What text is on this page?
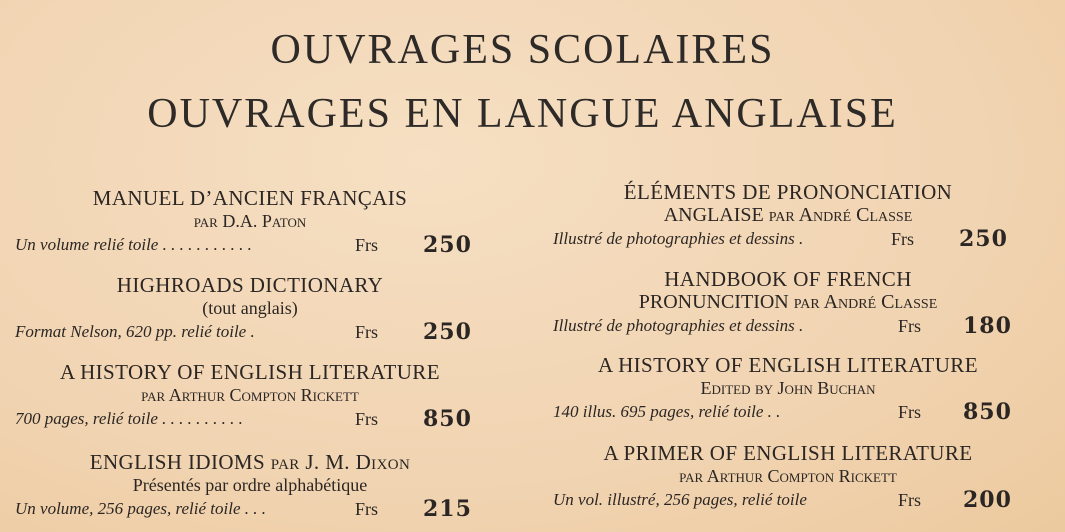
OUVRAGES SCOLAIRES
OUVRAGES EN LANGUE ANGLAISE
MANUEL D’ANCIEN FRANÇAIS
par D.A. Paton
Un volume relié toile . . . . . . . . . . .	Frs 250
HIGHROADS DICTIONARY
(tout anglais)
Format Nelson, 620 pp. relié toile .	Frs 250
A HISTORY OF ENGLISH LITERATURE
par Arthur Compton Rickett
700 pages, relié toile . . . . . . . . . .	Frs 850
ENGLISH IDIOMS par J. M. Dixon
Présentés par ordre alphabétique
Un volume, 256 pages, relié toile . . .	Frs 215
ÉLÉMENTS DE PRONONCIATION
ANGLAISE par André Classe
Illustré de photographies et dessins .	Frs 250
HANDBOOK OF FRENCH
PRONUNCITION par André Classe
Illustré de photographies et dessins .	Frs 180
A HISTORY OF ENGLISH LITERATURE
Edited by John Buchan
140 illus. 695 pages, relié toile . .	Frs 850
A PRIMER OF ENGLISH LITERATURE
par Arthur Compton Rickett
Un vol. illustré, 256 pages, relié toile	Frs 200
